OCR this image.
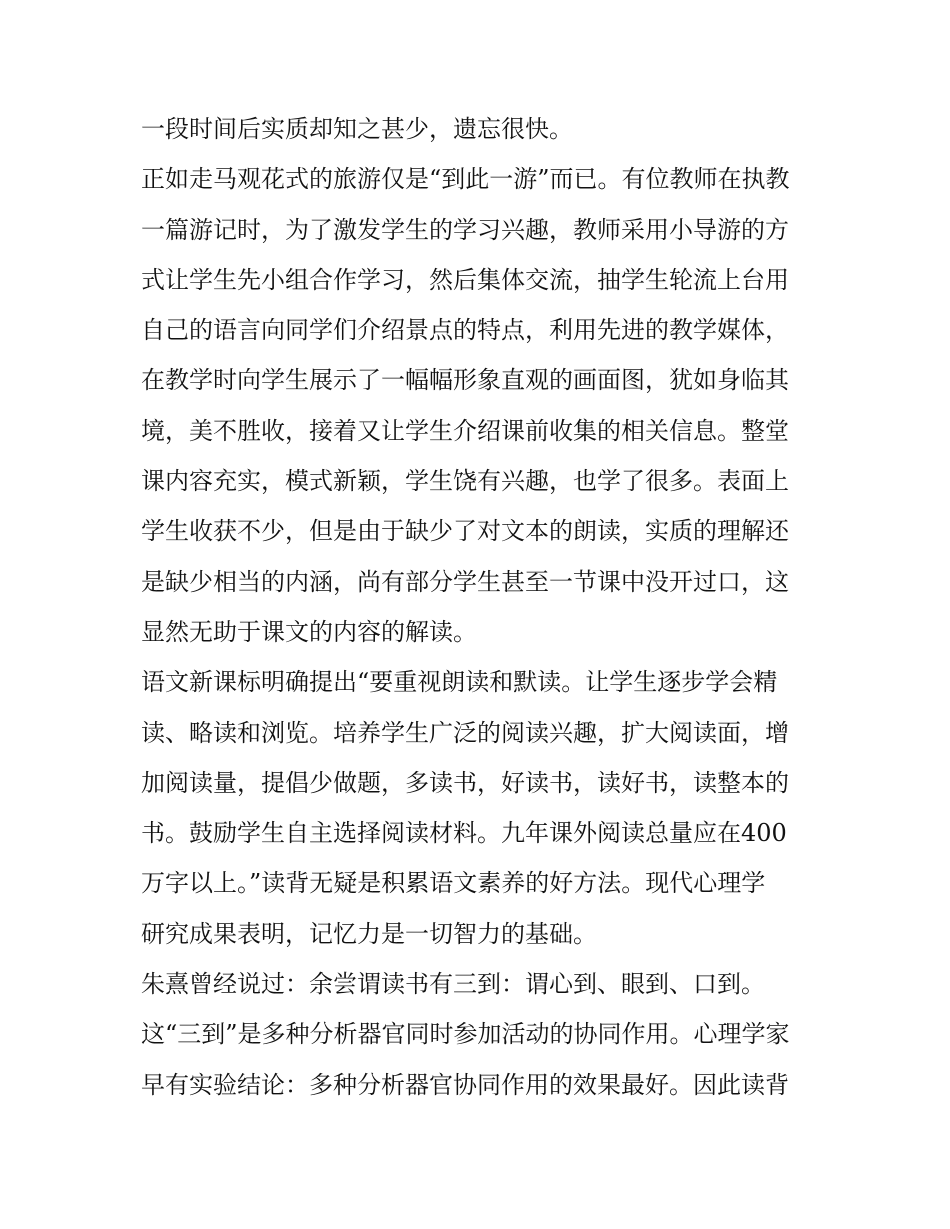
一段时间后实质却知之甚少，遗忘很快。
正如走马观花式的旅游仅是“到此一游”而已。有位教师在执教
一篇游记时，为了激发学生的学习兴趣，教师采用小导游的方
式让学生先小组合作学习，然后集体交流，抽学生轮流上台用
自己的语言向同学们介绍景点的特点，利用先进的教学媒体，
在教学时向学生展示了一幅幅形象直观的画面图，犹如身临其
境，美不胜收，接着又让学生介绍课前收集的相关信息。整堂
课内容充实，模式新颖，学生饶有兴趣，也学了很多。表面上
学生收获不少，但是由于缺少了对文本的朗读，实质的理解还
是缺少相当的内涵，尚有部分学生甚至一节课中没开过口，这
显然无助于课文的内容的解读。
语文新课标明确提出“要重视朗读和默读。让学生逐步学会精
读、略读和浏览。培养学生广泛的阅读兴趣，扩大阅读面，增
加阅读量，提倡少做题，多读书，好读书，读好书，读整本的
书。鼓励学生自主选择阅读材料。九年课外阅读总量应在400
万字以上。”读背无疑是积累语文素养的好方法。现代心理学
研究成果表明，记忆力是一切智力的基础。
朱熹曾经说过：余尝谓读书有三到：谓心到、眼到、口到。
这“三到”是多种分析器官同时参加活动的协同作用。心理学家
早有实验结论：多种分析器官协同作用的效果最好。因此读背
